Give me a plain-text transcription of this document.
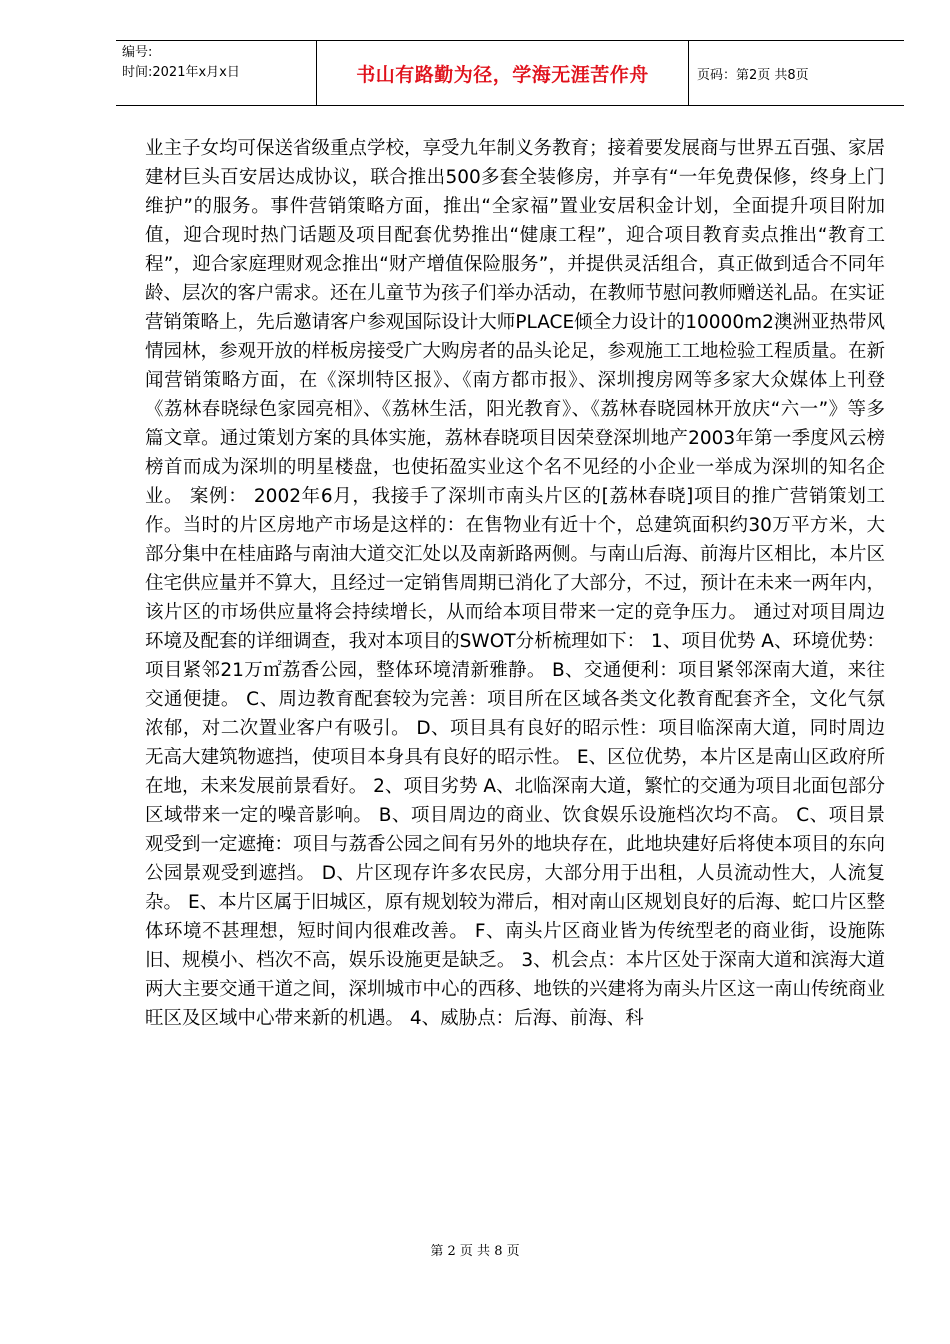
编号:
时间:2021年x月x日	书山有路勤为径，学海无涯苦作舟	页码：第2页 共8页

业主子女均可保送省级重点学校，享受九年制义务教育；接着要发展商与世界五百强、家居建材巨头百安居达成协议，联合推出500多套全装修房，并享有“一年免费保修，终身上门维护”的服务。事件营销策略方面，推出“全家福”置业安居积金计划，全面提升项目附加值，迎合现时热门话题及项目配套优势推出“健康工程”，迎合项目教育卖点推出“教育工程”，迎合家庭理财观念推出“财产增值保险服务”，并提供灵活组合，真正做到适合不同年龄、层次的客户需求。还在儿童节为孩子们举办活动，在教师节慰问教师赠送礼品。在实证营销策略上，先后邀请客户参观国际设计大师PLACE倾全力设计的10000m2澳洲亚热带风情园林，参观开放的样板房接受广大购房者的品头论足，参观施工工地检验工程质量。在新闻营销策略方面，在《深圳特区报》、《南方都市报》、深圳搜房网等多家大众媒体上刊登《荔林春晓绿色家园亮相》、《荔林生活，阳光教育》、《荔林春晓园林开放庆“六一”》等多篇文章。通过策划方案的具体实施，荔林春晓项目因荣登深圳地产2003年第一季度风云榜榜首而成为深圳的明星楼盘，也使拓盈实业这个名不见经的小企业一举成为深圳的知名企业。 案例： 2002年6月，我接手了深圳市南头片区的[荔林春晓]项目的推广营销策划工作。当时的片区房地产市场是这样的：在售物业有近十个，总建筑面积约30万平方米，大部分集中在桂庙路与南油大道交汇处以及南新路两侧。与南山后海、前海片区相比，本片区住宅供应量并不算大，且经过一定销售周期已消化了大部分，不过，预计在未来一两年内，该片区的市场供应量将会持续增长，从而给本项目带来一定的竞争压力。 通过对项目周边环境及配套的详细调查，我对本项目的SWOT分析梳理如下： 1、项目优势 A、环境优势：项目紧邻21万㎡荔香公园，整体环境清新雅静。 B、交通便利：项目紧邻深南大道，来往交通便捷。 C、周边教育配套较为完善：项目所在区域各类文化教育配套齐全，文化气氛浓郁，对二次置业客户有吸引。 D、项目具有良好的昭示性：项目临深南大道，同时周边无高大建筑物遮挡，使项目本身具有良好的昭示性。 E、区位优势，本片区是南山区政府所在地，未来发展前景看好。 2、项目劣势 A、北临深南大道，繁忙的交通为项目北面包部分区域带来一定的噪音影响。 B、项目周边的商业、饮食娱乐设施档次均不高。 C、项目景观受到一定遮掩：项目与荔香公园之间有另外的地块存在，此地块建好后将使本项目的东向公园景观受到遮挡。 D、片区现存许多农民房，大部分用于出租，人员流动性大，人流复杂。 E、本片区属于旧城区，原有规划较为滞后，相对南山区规划良好的后海、蛇口片区整体环境不甚理想，短时间内很难改善。 F、南头片区商业皆为传统型老的商业街，设施陈旧、规模小、档次不高，娱乐设施更是缺乏。 3、机会点：本片区处于深南大道和滨海大道两大主要交通干道之间，深圳城市中心的西移、地铁的兴建将为南头片区这一南山传统商业旺区及区域中心带来新的机遇。 4、威胁点：后海、前海、科

第 2 页 共 8 页
